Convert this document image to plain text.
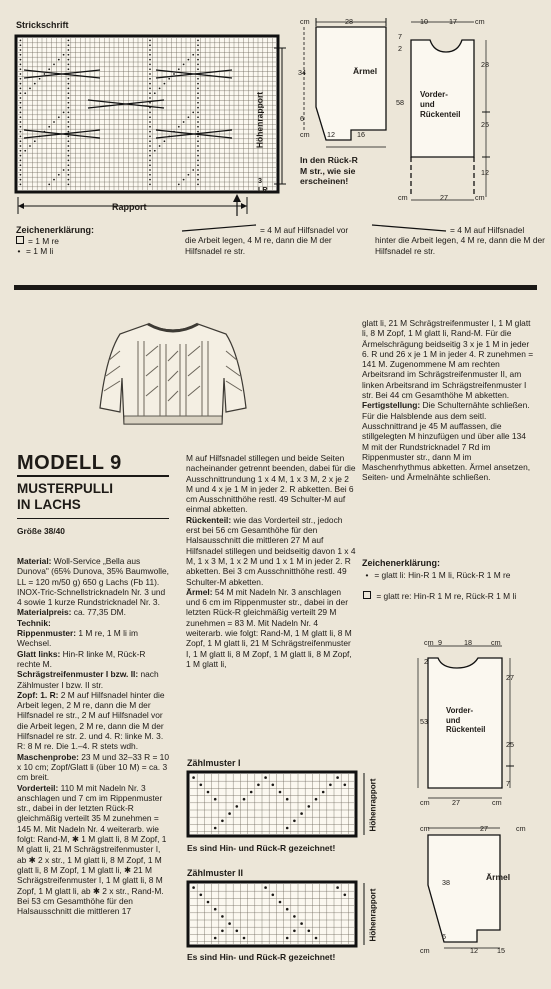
Strickschrift
Höhenrapport
3
LR
Rapport
Zeichenerklärung:
= 1 M re
• = 1 M li
= 4 M auf Hilfsnadel vor die Arbeit legen, 4 M re, dann die M der Hilfsnadel re str.
= 4 M auf Hilfsnadel hinter die Arbeit legen, 4 M re, dann die M der Hilfsnadel re str.
cm	28
34
6
cm 12	16
Ärmel
10	17	cm
7
2
58
28
25
12
cm	27	cm
Vorder-
und
Rückenteil
In den Rück-R
M str., wie sie
erscheinen!
MODELL 9
MUSTERPULLI
IN LACHS
Größe 38/40

Material: Woll-Service „Bella aus Dunova" (65% Dunova, 35% Baumwolle, LL = 120 m/50 g) 650 g Lachs (Fb 11). INOX-Tric-Schnellstricknadeln Nr. 3 und 4 sowie 1 kurze Rundstricknadel Nr. 3.

Materialpreis: ca. 77,35 DM.

Technik:

Rippenmuster: 1 M re, 1 M li im Wechsel.

Glatt links: Hin-R linke M, Rück-R rechte M.

Schrägstreifenmuster I bzw. II: nach Zählmuster I bzw. II str.

Zopf: 1. R: 2 M auf Hilfsnadel hinter die Arbeit legen, 2 M re, dann die M der Hilfsnadel re str., 2 M auf Hilfsnadel vor die Arbeit legen, 2 M re, dann die M der Hilfsnadel re str. 2. und 4. R: linke M. 3. R: 8 M re. Die 1.–4. R stets wdh.

Maschenprobe: 23 M und 32–33 R = 10 x 10 cm; Zopf/Glatt li (über 10 M) = ca. 3 cm breit.

Vorderteil: 110 M mit Nadeln Nr. 3 anschlagen und 7 cm im Rippenmuster str., dabei in der letzten Rück-R gleichmäßig verteilt 35 M zunehmen = 145 M. Mit Nadeln Nr. 4 weiterarb. wie folgt: Rand-M, ✱ 1 M glatt li, 8 M Zopf, 1 M glatt li, 21 M Schrägstreifenmuster I, ab ✱ 2 x str., 1 M glatt li, 8 M Zopf, 1 M glatt li, 8 M Zopf, 1 M glatt li, ✱ 21 M Schrägstreifenmuster I, 1 M glatt li, 8 M Zopf, 1 M glatt li, ab ✱ 2 x str., Rand-M. Bei 53 cm Gesamthöhe für den Halsausschnitt die mittleren 17

M auf Hilfsnadel stillegen und beide Seiten nacheinander getrennt beenden, dabei für die Ausschnittrundung 1 x 4 M, 1 x 3 M, 2 x je 2 M und 4 x je 1 M in jeder 2. R abketten. Bei 6 cm Ausschnitthöhe restl. 49 Schulter-M auf einmal abketten.

Rückenteil: wie das Vorderteil str., jedoch erst bei 56 cm Gesamthöhe für den Halsausschnitt die mittleren 27 M auf Hilfsnadel stillegen und beidseitig davon 1 x 4 M, 1 x 3 M, 1 x 2 M und 1 x 1 M in jeder 2. R abketten. Bei 3 cm Ausschnitthöhe restl. 49 Schulter-M abketten.

Ärmel: 54 M mit Nadeln Nr. 3 anschlagen und 6 cm im Rippenmuster str., dabei in der letzten Rück-R gleichmäßig verteilt 29 M zunehmen = 83 M. Mit Nadeln Nr. 4 weiterarb. wie folgt: Rand-M, 1 M glatt li, 8 M Zopf, 1 M glatt li, 21 M Schrägstreifenmuster I, 1 M glatt li, 8 M Zopf, 1 M glatt li, 8 M Zopf, 1 M glatt li,

glatt li, 21 M Schrägstreifenmuster I, 1 M glatt li, 8 M Zopf, 1 M glatt li, Rand-M. Für die Ärmelschrägung beidseitig 3 x je 1 M in jeder 6. R und 26 x je 1 M in jeder 4. R zunehmen = 141 M. Zugenommene M am rechten Arbeitsrand im Schrägstreifenmuster II, am linken Arbeitsrand im Schrägstreifenmuster I str. Bei 44 cm Gesamthöhe M abketten.

Fertigstellung: Die Schulternähte schließen. Für die Halsblende aus dem seitl. Ausschnittrand je 45 M auffassen, die stillgelegten M hinzufügen und über alle 134 M mit der Rundstricknadel 7 Rd im Rippenmuster str., dann M im Maschenrhythmus abketten. Ärmel ansetzen, Seiten- und Ärmelnähte schließen.

Zeichenerklärung:
• = glatt li: Hin-R 1 M li, Rück-R 1 M re
= glatt re: Hin-R 1 M re, Rück-R 1 M li
Zählmuster I
Höhenrapport
Es sind Hin- und Rück-R gezeichnet!
Zählmuster II
Höhenrapport
Es sind Hin- und Rück-R gezeichnet!
cm 9	18	cm
27
25
7
53
Vorder-
und
Rückenteil
cm	27	cm
cm	27	cm
38
Ärmel
6
cm	12	15
2
